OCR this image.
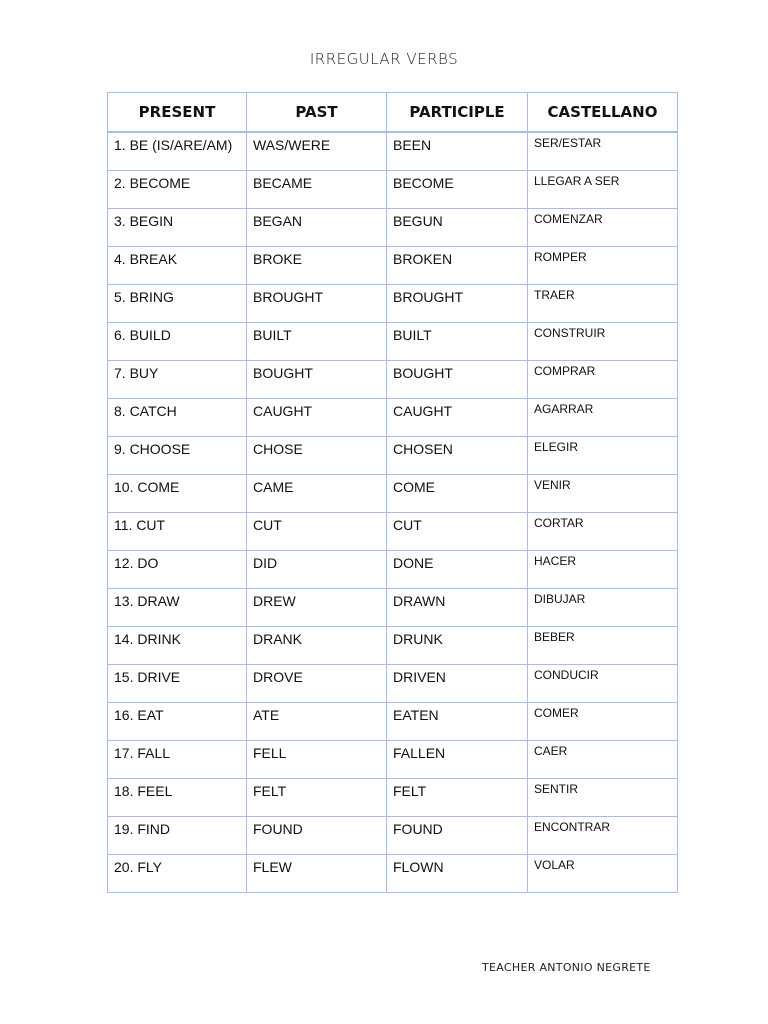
IRREGULAR VERBS
PRESENT	PAST	PARTICIPLE	CASTELLANO
1. BE (IS/ARE/AM)	WAS/WERE	BEEN	SER/ESTAR
2. BECOME	BECAME	BECOME	LLEGAR A SER
3. BEGIN	BEGAN	BEGUN	COMENZAR
4. BREAK	BROKE	BROKEN	ROMPER
5. BRING	BROUGHT	BROUGHT	TRAER
6. BUILD	BUILT	BUILT	CONSTRUIR
7. BUY	BOUGHT	BOUGHT	COMPRAR
8. CATCH	CAUGHT	CAUGHT	AGARRAR
9. CHOOSE	CHOSE	CHOSEN	ELEGIR
10. COME	CAME	COME	VENIR
11. CUT	CUT	CUT	CORTAR
12. DO	DID	DONE	HACER
13. DRAW	DREW	DRAWN	DIBUJAR
14. DRINK	DRANK	DRUNK	BEBER
15. DRIVE	DROVE	DRIVEN	CONDUCIR
16. EAT	ATE	EATEN	COMER
17. FALL	FELL	FALLEN	CAER
18. FEEL	FELT	FELT	SENTIR
19. FIND	FOUND	FOUND	ENCONTRAR
20. FLY	FLEW	FLOWN	VOLAR
TEACHER ANTONIO NEGRETE
